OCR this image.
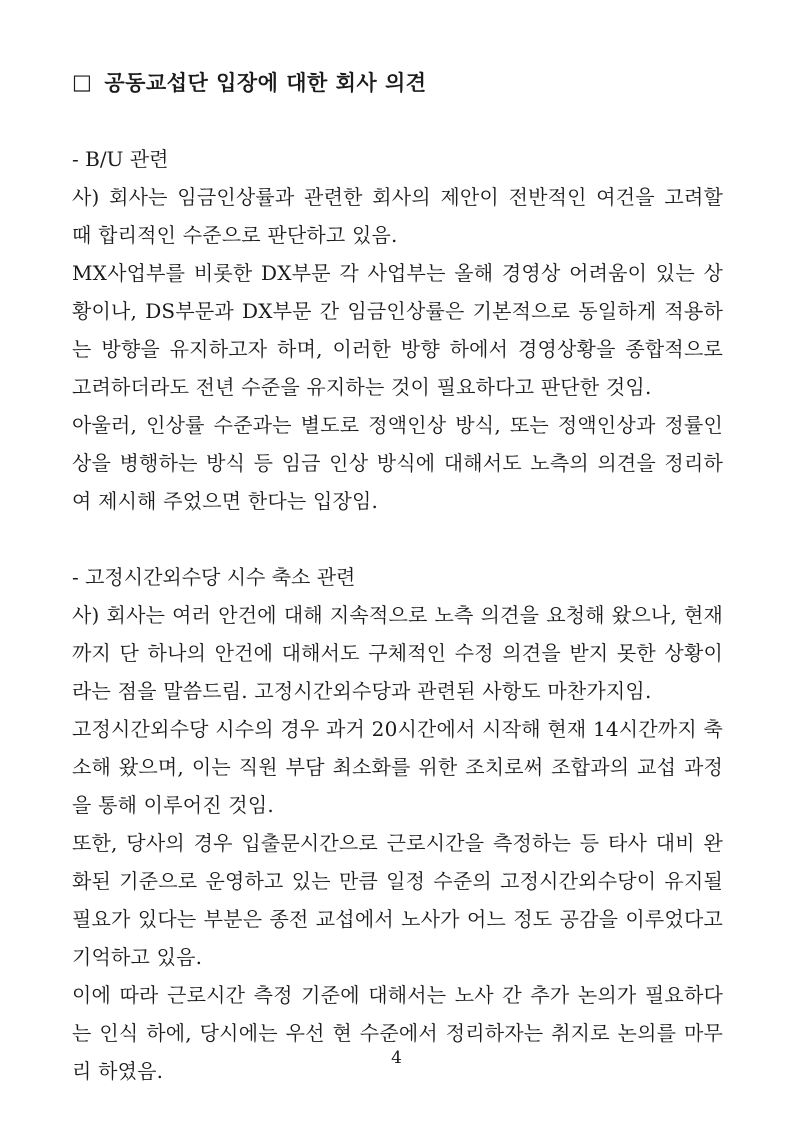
□ 공동교섭단 입장에 대한 회사 의견

- B/U 관련

사) 회사는 임금인상률과 관련한 회사의 제안이 전반적인 여건을 고려할 때 합리적인 수준으로 판단하고 있음.

MX사업부를 비롯한 DX부문 각 사업부는 올해 경영상 어려움이 있는 상황이나, DS부문과 DX부문 간 임금인상률은 기본적으로 동일하게 적용하는 방향을 유지하고자 하며, 이러한 방향 하에서 경영상황을 종합적으로 고려하더라도 전년 수준을 유지하는 것이 필요하다고 판단한 것임.

아울러, 인상률 수준과는 별도로 정액인상 방식, 또는 정액인상과 정률인상을 병행하는 방식 등 임금 인상 방식에 대해서도 노측의 의견을 정리하여 제시해 주었으면 한다는 입장임.

- 고정시간외수당 시수 축소 관련

사) 회사는 여러 안건에 대해 지속적으로 노측 의견을 요청해 왔으나, 현재까지 단 하나의 안건에 대해서도 구체적인 수정 의견을 받지 못한 상황이라는 점을 말씀드림. 고정시간외수당과 관련된 사항도 마찬가지임.

고정시간외수당 시수의 경우 과거 20시간에서 시작해 현재 14시간까지 축소해 왔으며, 이는 직원 부담 최소화를 위한 조치로써 조합과의 교섭 과정을 통해 이루어진 것임.

또한, 당사의 경우 입출문시간으로 근로시간을 측정하는 등 타사 대비 완화된 기준으로 운영하고 있는 만큼 일정 수준의 고정시간외수당이 유지될 필요가 있다는 부분은 종전 교섭에서 노사가 어느 정도 공감을 이루었다고 기억하고 있음.

이에 따라 근로시간 측정 기준에 대해서는 노사 간 추가 논의가 필요하다는 인식 하에, 당시에는 우선 현 수준에서 정리하자는 취지로 논의를 마무리 하였음.

4
